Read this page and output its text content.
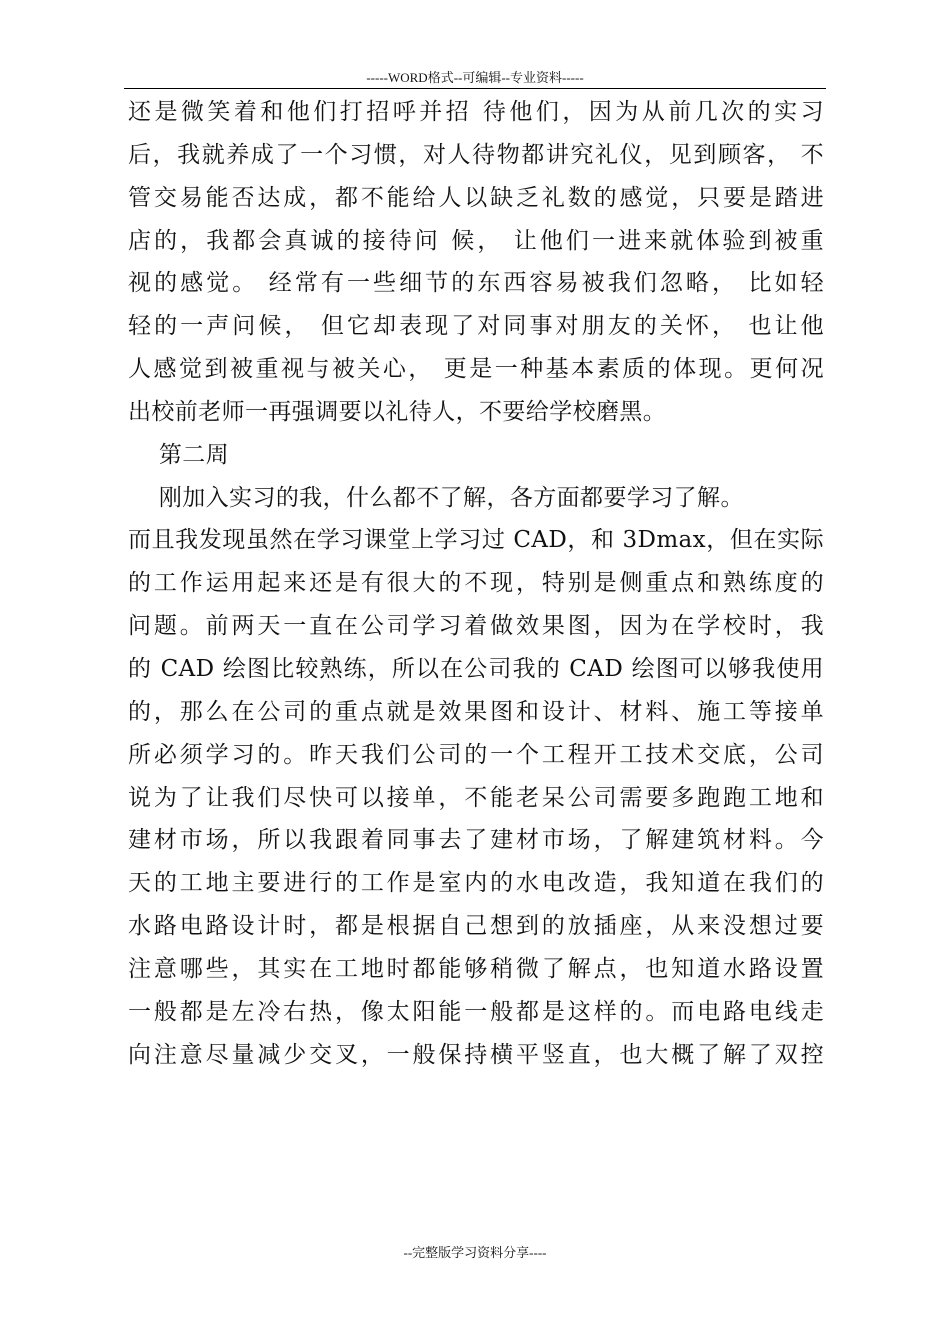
-----WORD格式--可编辑--专业资料-----
还是微笑着和他们打招呼并招 待他们，因为从前几次的实习
后，我就养成了一个习惯，对人待物都讲究礼仪，见到顾客， 不
管交易能否达成，都不能给人以缺乏礼数的感觉，只要是踏进
店的，我都会真诚的接待问 候， 让他们一进来就体验到被重
视的感觉。 经常有一些细节的东西容易被我们忽略， 比如轻
轻的一声问候， 但它却表现了对同事对朋友的关怀， 也让他
人感觉到被重视与被关心， 更是一种基本素质的体现。更何况
出校前老师一再强调要以礼待人，不要给学校磨黑。
第二周
刚加入实习的我，什么都不了解，各方面都要学习了解。
而且我发现虽然在学习课堂上学习过 CAD，和 3Dmax，但在实际
的工作运用起来还是有很大的不现，特别是侧重点和熟练度的
问题。前两天一直在公司学习着做效果图，因为在学校时，我
的 CAD 绘图比较熟练，所以在公司我的 CAD 绘图可以够我使用
的，那么在公司的重点就是效果图和设计、材料、施工等接单
所必须学习的。昨天我们公司的一个工程开工技术交底，公司
说为了让我们尽快可以接单，不能老呆公司需要多跑跑工地和
建材市场，所以我跟着同事去了建材市场，了解建筑材料。今
天的工地主要进行的工作是室内的水电改造，我知道在我们的
水路电路设计时，都是根据自己想到的放插座，从来没想过要
注意哪些，其实在工地时都能够稍微了解点，也知道水路设置
一般都是左冷右热，像太阳能一般都是这样的。而电路电线走
向注意尽量减少交叉，一般保持横平竖直，也大概了解了双控
--完整版学习资料分享----
